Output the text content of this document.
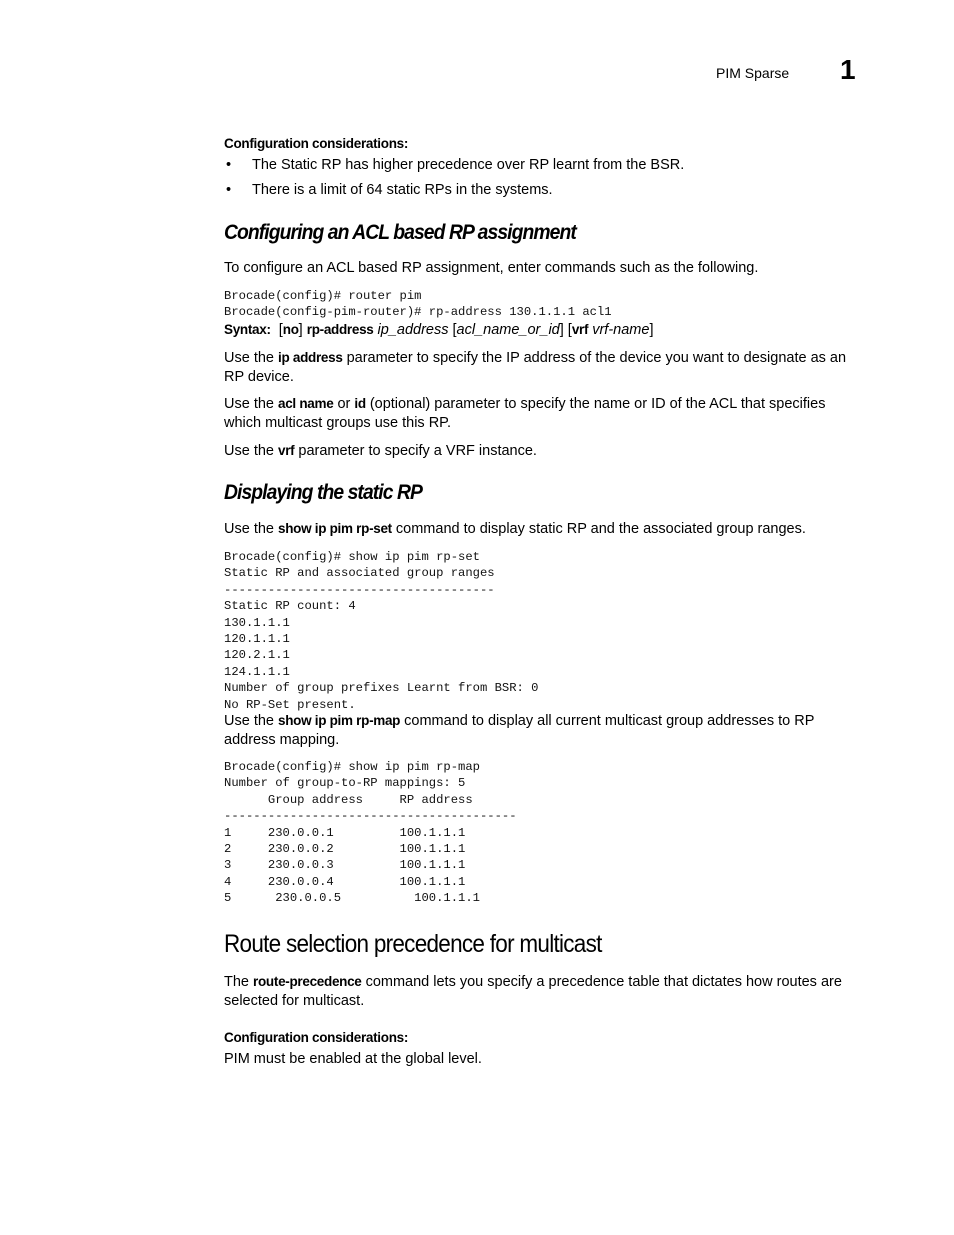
PIM Sparse 1
Configuration considerations:
• The Static RP has higher precedence over RP learnt from the BSR.
• There is a limit of 64 static RPs in the systems.
Configuring an ACL based RP assignment
To configure an ACL based RP assignment, enter commands such as the following.
Brocade(config)# router pim
Brocade(config-pim-router)# rp-address 130.1.1.1 acl1
Syntax: [no] rp-address ip_address [acl_name_or_id] [vrf vrf-name]
Use the ip address parameter to specify the IP address of the device you want to designate as an RP device.
Use the acl name or id (optional) parameter to specify the name or ID of the ACL that specifies which multicast groups use this RP.
Use the vrf parameter to specify a VRF instance.
Displaying the static RP
Use the show ip pim rp-set command to display static RP and the associated group ranges.
Brocade(config)# show ip pim rp-set
Static RP and associated group ranges
-------------------------------------
Static RP count: 4
130.1.1.1
120.1.1.1
120.2.1.1
124.1.1.1
Number of group prefixes Learnt from BSR: 0
No RP-Set present.
Use the show ip pim rp-map command to display all current multicast group addresses to RP address mapping.
Brocade(config)# show ip pim rp-map
Number of group-to-RP mappings: 5
Group address     RP address
----------------------------------------
1     230.0.0.1         100.1.1.1
2     230.0.0.2         100.1.1.1
3     230.0.0.3         100.1.1.1
4     230.0.0.4         100.1.1.1
5      230.0.0.5          100.1.1.1
Route selection precedence for multicast
The route-precedence command lets you specify a precedence table that dictates how routes are selected for multicast.
Configuration considerations:
PIM must be enabled at the global level.
